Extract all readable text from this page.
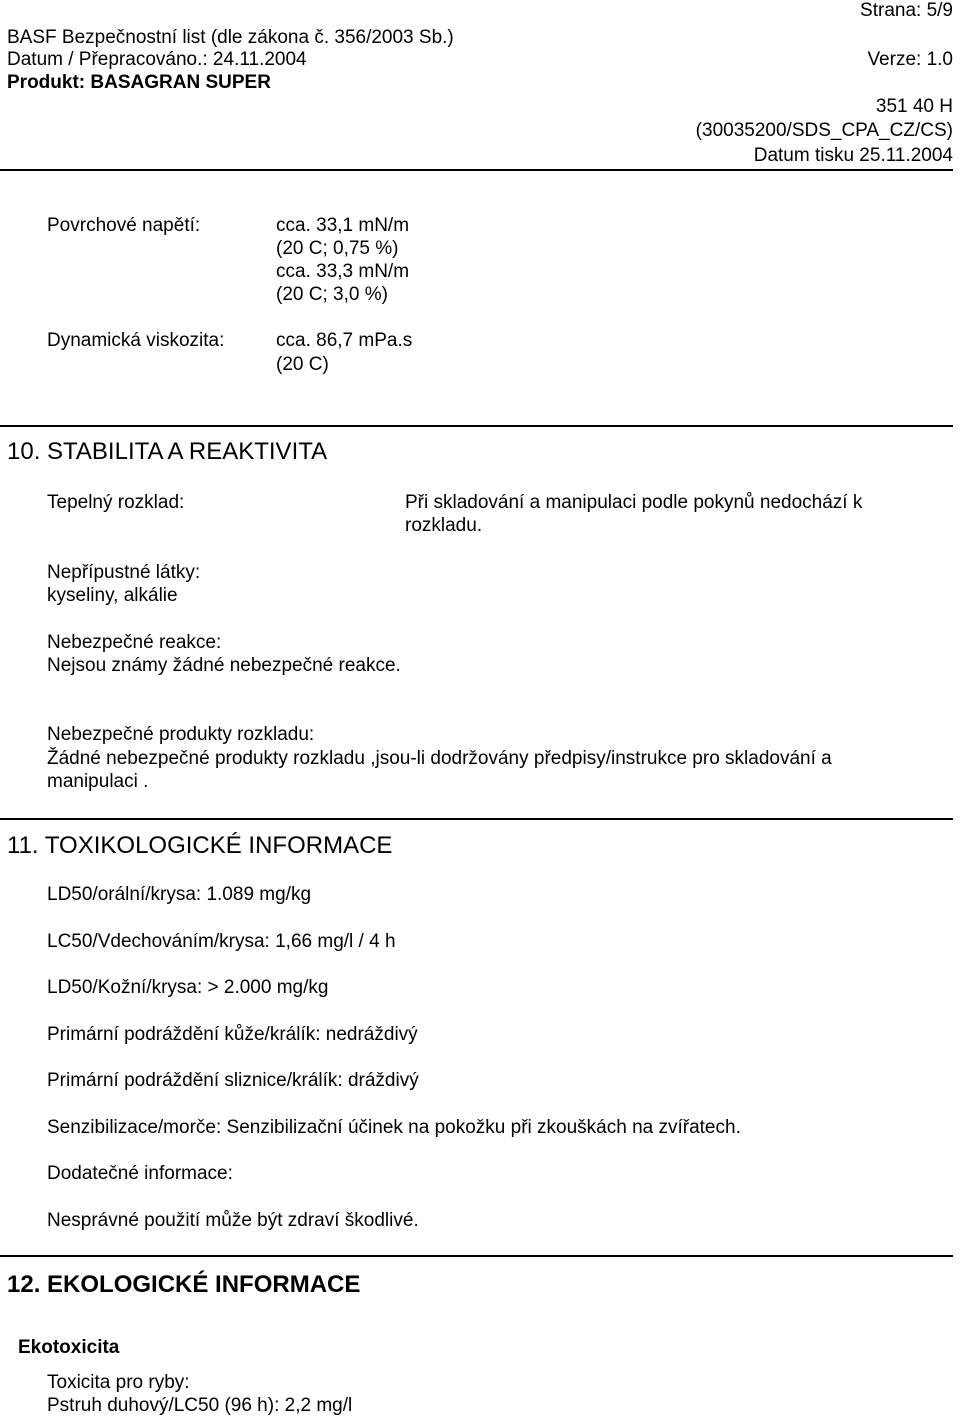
Strana: 5/9
BASF Bezpečnostní list (dle zákona č. 356/2003 Sb.)
Datum / Přepracováno.: 24.11.2004	Verze: 1.0
Produkt: BASAGRAN SUPER
351 40 H
(30035200/SDS_CPA_CZ/CS)
Datum tisku 25.11.2004
Povrchové napětí:	cca. 33,1 mN/m
(20 C; 0,75 %)
cca. 33,3 mN/m
(20 C; 3,0 %)
Dynamická viskozita:	cca. 86,7 mPa.s
(20 C)
10. STABILITA A REAKTIVITA
Tepelný rozklad:	Při skladování a manipulaci podle pokynů nedochází k
rozkladu.
Nepřípustné látky:
kyseliny, alkálie
Nebezpečné reakce:
Nejsou známy žádné nebezpečné reakce.
Nebezpečné produkty rozkladu:
Žádné nebezpečné produkty rozkladu ,jsou-li dodržovány předpisy/instrukce pro skladování a
manipulaci .
11. TOXIKOLOGICKÉ INFORMACE
LD50/orální/krysa: 1.089 mg/kg
LC50/Vdechováním/krysa: 1,66 mg/l / 4 h
LD50/Kožní/krysa: > 2.000 mg/kg
Primární podráždění kůže/králík: nedráždivý
Primární podráždění sliznice/králík: dráždivý
Senzibilizace/morče: Senzibilizační účinek na pokožku při zkouškách na zvířatech.
Dodatečné informace:
Nesprávné použití může být zdraví škodlivé.
12. EKOLOGICKÉ INFORMACE
Ekotoxicita
Toxicita pro ryby:
Pstruh duhový/LC50 (96 h): 2,2 mg/l
